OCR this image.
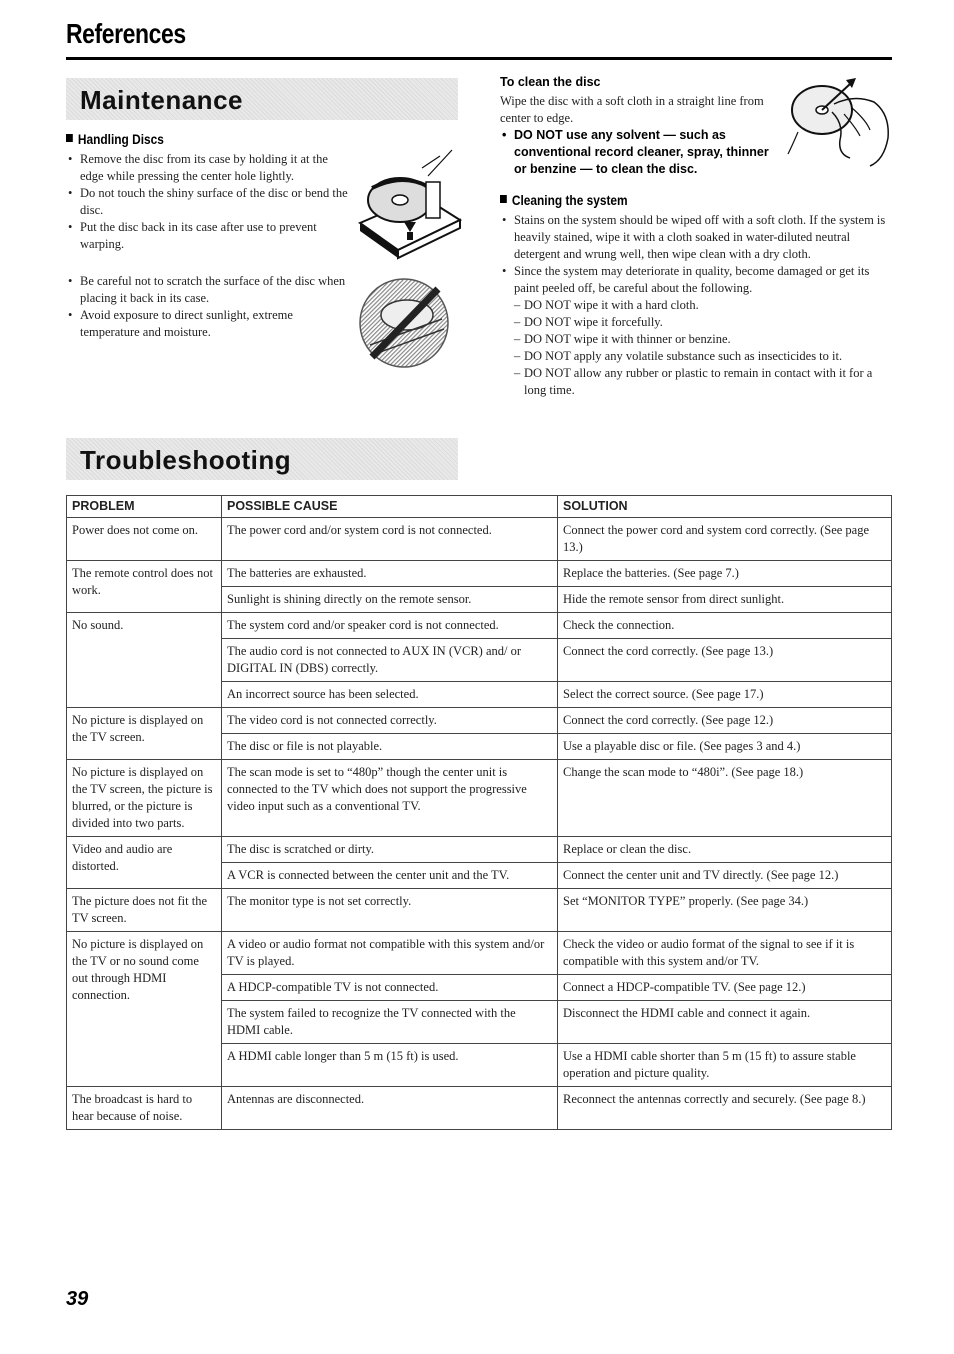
References
Maintenance
Handling Discs
• Remove the disc from its case by holding it at the edge while pressing the center hole lightly.
• Do not touch the shiny surface of the disc or bend the disc.
• Put the disc back in its case after use to prevent warping.
• Be careful not to scratch the surface of the disc when placing it back in its case.
• Avoid exposure to direct sunlight, extreme temperature and moisture.
To clean the disc
Wipe the disc with a soft cloth in a straight line from center to edge.
• DO NOT use any solvent — such as conventional record cleaner, spray, thinner or benzine — to clean the disc.
Cleaning the system
• Stains on the system should be wiped off with a soft cloth. If the system is heavily stained, wipe it with a cloth soaked in water-diluted neutral detergent and wrung well, then wipe clean with a dry cloth.
• Since the system may deteriorate in quality, become damaged or get its paint peeled off, be careful about the following.
– DO NOT wipe it with a hard cloth.
– DO NOT wipe it forcefully.
– DO NOT wipe it with thinner or benzine.
– DO NOT apply any volatile substance such as insecticides to it.
– DO NOT allow any rubber or plastic to remain in contact with it for a long time.
Troubleshooting
PROBLEM	POSSIBLE CAUSE	SOLUTION
Power does not come on.	The power cord and/or system cord is not connected.	Connect the power cord and system cord correctly. (See page 13.)
The remote control does not work.	The batteries are exhausted.	Replace the batteries. (See page 7.)
	Sunlight is shining directly on the remote sensor.	Hide the remote sensor from direct sunlight.
No sound.	The system cord and/or speaker cord is not connected.	Check the connection.
	The audio cord is not connected to AUX IN (VCR) and/ or DIGITAL IN (DBS) correctly.	Connect the cord correctly. (See page 13.)
	An incorrect source has been selected.	Select the correct source. (See page 17.)
No picture is displayed on the TV screen.	The video cord is not connected correctly.	Connect the cord correctly. (See page 12.)
	The disc or file is not playable.	Use a playable disc or file. (See pages 3 and 4.)
No picture is displayed on the TV screen, the picture is blurred, or the picture is divided into two parts.	The scan mode is set to “480p” though the center unit is connected to the TV which does not support the progressive video input such as a conventional TV.	Change the scan mode to “480i”. (See page 18.)
Video and audio are distorted.	The disc is scratched or dirty.	Replace or clean the disc.
	A VCR is connected between the center unit and the TV.	Connect the center unit and TV directly. (See page 12.)
The picture does not fit the TV screen.	The monitor type is not set correctly.	Set “MONITOR TYPE” properly. (See page 34.)
No picture is displayed on the TV or no sound come out through HDMI connection.	A video or audio format not compatible with this system and/or TV is played.	Check the video or audio format of the signal to see if it is compatible with this system and/or TV.
	A HDCP-compatible TV is not connected.	Connect a HDCP-compatible TV. (See page 12.)
	The system failed to recognize the TV connected with the HDMI cable.	Disconnect the HDMI cable and connect it again.
	A HDMI cable longer than 5 m (15 ft) is used.	Use a HDMI cable shorter than 5 m (15 ft) to assure stable operation and picture quality.
The broadcast is hard to hear because of noise.	Antennas are disconnected.	Reconnect the antennas correctly and securely. (See page 8.)
39
